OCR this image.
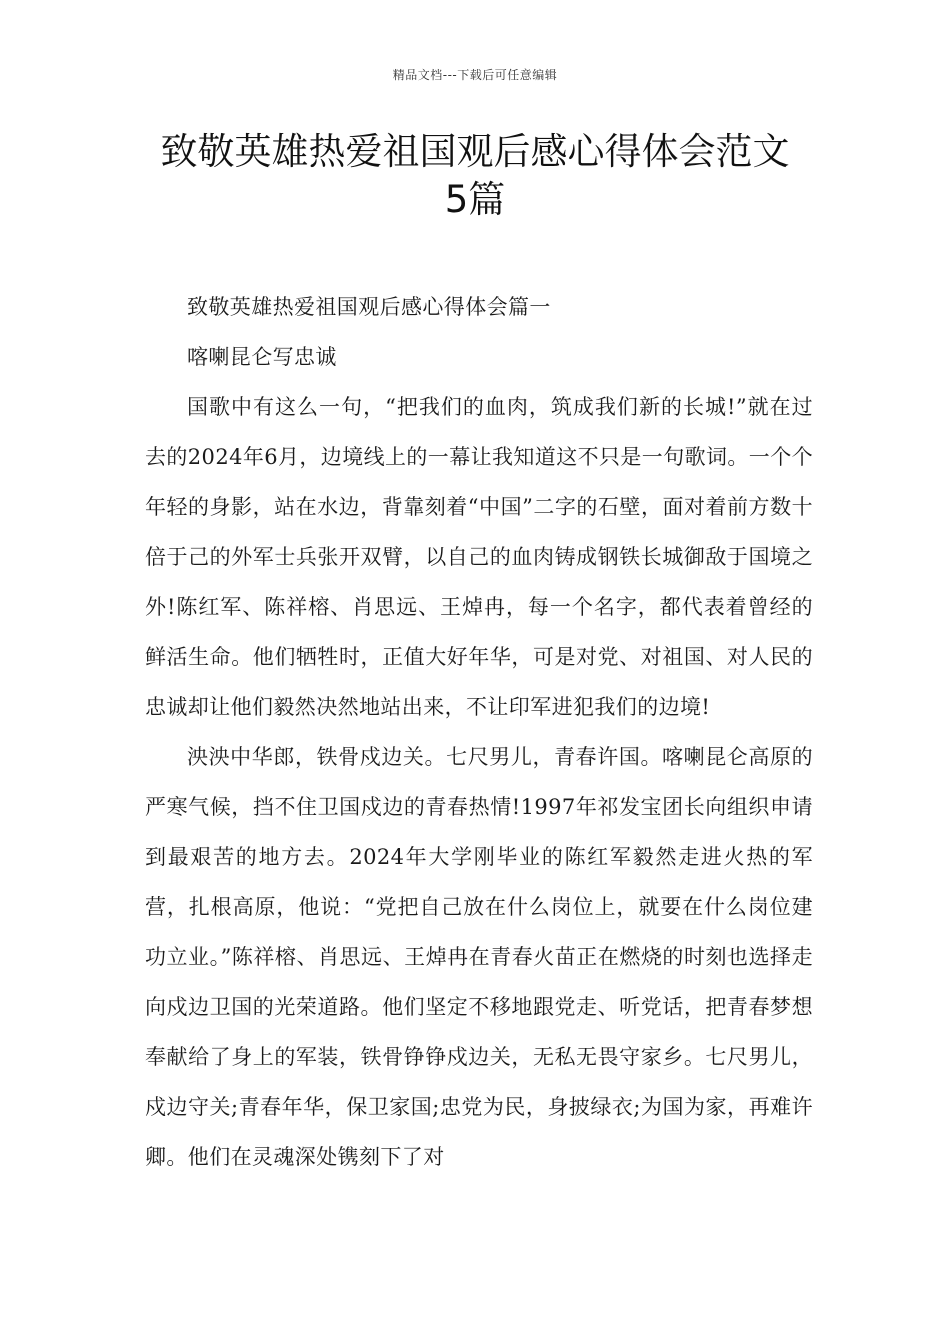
精品文档---下载后可任意编辑
致敬英雄热爱祖国观后感心得体会范文
5篇

致敬英雄热爱祖国观后感心得体会篇一

喀喇昆仑写忠诚

国歌中有这么一句，“把我们的血肉，筑成我们新的长城!”就在过去的2024年6月，边境线上的一幕让我知道这不只是一句歌词。一个个年轻的身影，站在水边，背靠刻着“中国”二字的石壁，面对着前方数十倍于己的外军士兵张开双臂，以自己的血肉铸成钢铁长城御敌于国境之外!陈红军、陈祥榕、肖思远、王焯冉，每一个名字，都代表着曾经的鲜活生命。他们牺牲时，正值大好年华，可是对党、对祖国、对人民的忠诚却让他们毅然决然地站出来，不让印军进犯我们的边境!

泱泱中华郎，铁骨戍边关。七尺男儿，青春许国。喀喇昆仑高原的严寒气候，挡不住卫国戍边的青春热情!1997年祁发宝团长向组织申请到最艰苦的地方去。2024年大学刚毕业的陈红军毅然走进火热的军营，扎根高原，他说：“党把自己放在什么岗位上，就要在什么岗位建功立业。”陈祥榕、肖思远、王焯冉在青春火苗正在燃烧的时刻也选择走向戍边卫国的光荣道路。他们坚定不移地跟党走、听党话，把青春梦想奉献给了身上的军装，铁骨铮铮戍边关，无私无畏守家乡。七尺男儿，戍边守关;青春年华，保卫家国;忠党为民，身披绿衣;为国为家，再难许卿。他们在灵魂深处镌刻下了对
